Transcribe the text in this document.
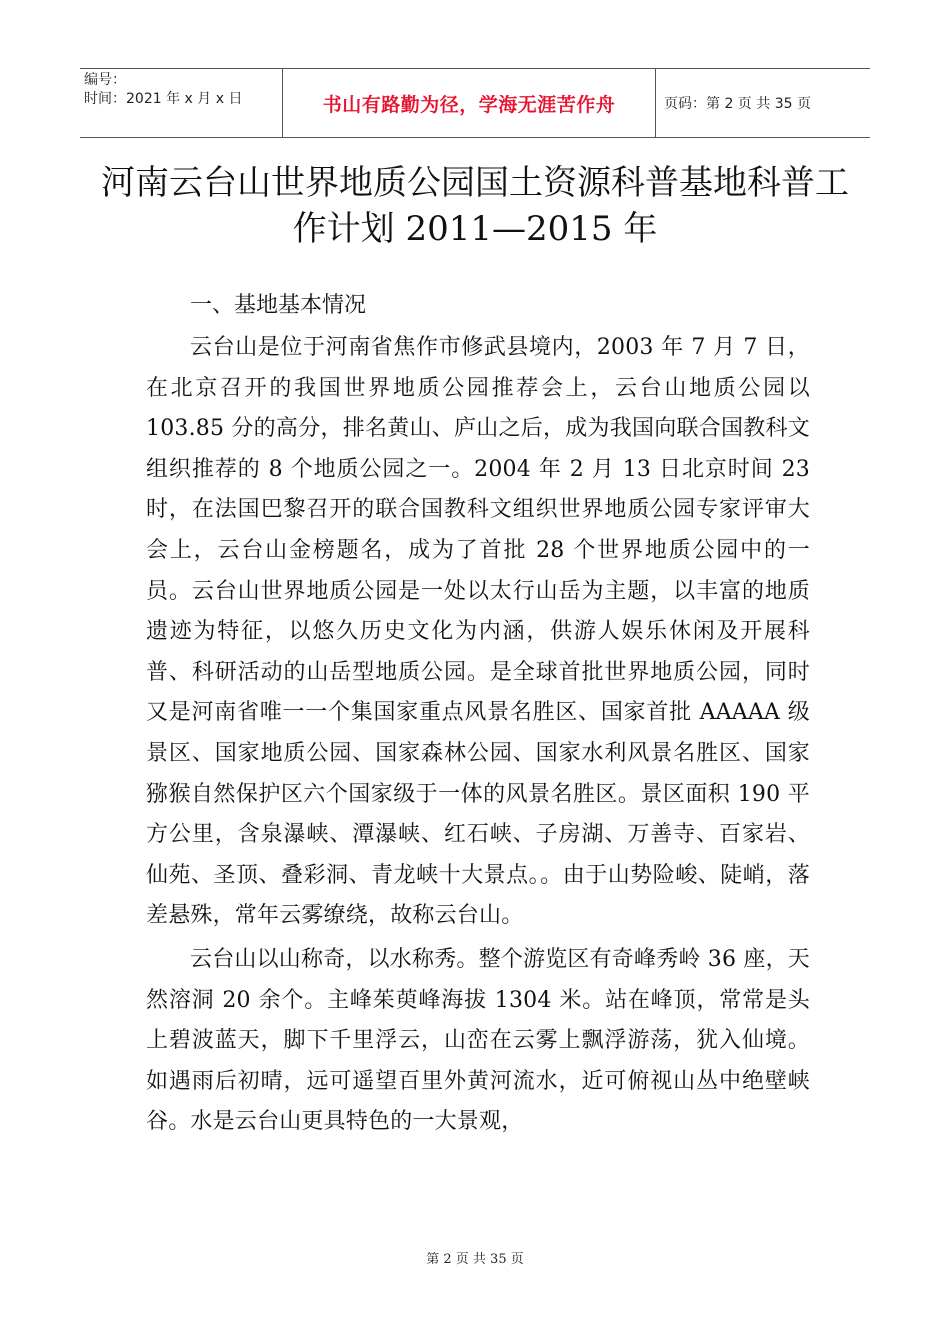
编号：
时间：2021 年 x 月 x 日	书山有路勤为径，学海无涯苦作舟	页码：第 2 页 共 35 页
河南云台山世界地质公园国土资源科普基地科普工作计划 2011—2015 年
一、基地基本情况

云台山是位于河南省焦作市修武县境内，2003 年 7 月 7 日，在北京召开的我国世界地质公园推荐会上，云台山地质公园以 103.85 分的高分，排名黄山、庐山之后，成为我国向联合国教科文组织推荐的 8 个地质公园之一。2004 年 2 月 13 日北京时间 23 时，在法国巴黎召开的联合国教科文组织世界地质公园专家评审大会上，云台山金榜题名，成为了首批 28 个世界地质公园中的一员。云台山世界地质公园是一处以太行山岳为主题，以丰富的地质遗迹为特征，以悠久历史文化为内涵，供游人娱乐休闲及开展科普、科研活动的山岳型地质公园。是全球首批世界地质公园，同时又是河南省唯一一个集国家重点风景名胜区、国家首批 AAAAA 级景区、国家地质公园、国家森林公园、国家水利风景名胜区、国家猕猴自然保护区六个国家级于一体的风景名胜区。景区面积 190 平方公里，含泉瀑峡、潭瀑峡、红石峡、子房湖、万善寺、百家岩、仙苑、圣顶、叠彩洞、青龙峡十大景点。。由于山势险峻、陡峭，落差悬殊，常年云雾缭绕，故称云台山。

云台山以山称奇，以水称秀。整个游览区有奇峰秀岭 36 座，天然溶洞 20 余个。主峰茱萸峰海拔 1304 米。站在峰顶，常常是头上碧波蓝天，脚下千里浮云，山峦在云雾上飘浮游荡，犹入仙境。如遇雨后初晴，远可遥望百里外黄河流水，近可俯视山丛中绝壁峡谷。水是云台山更具特色的一大景观，

第 2 页 共 35 页
